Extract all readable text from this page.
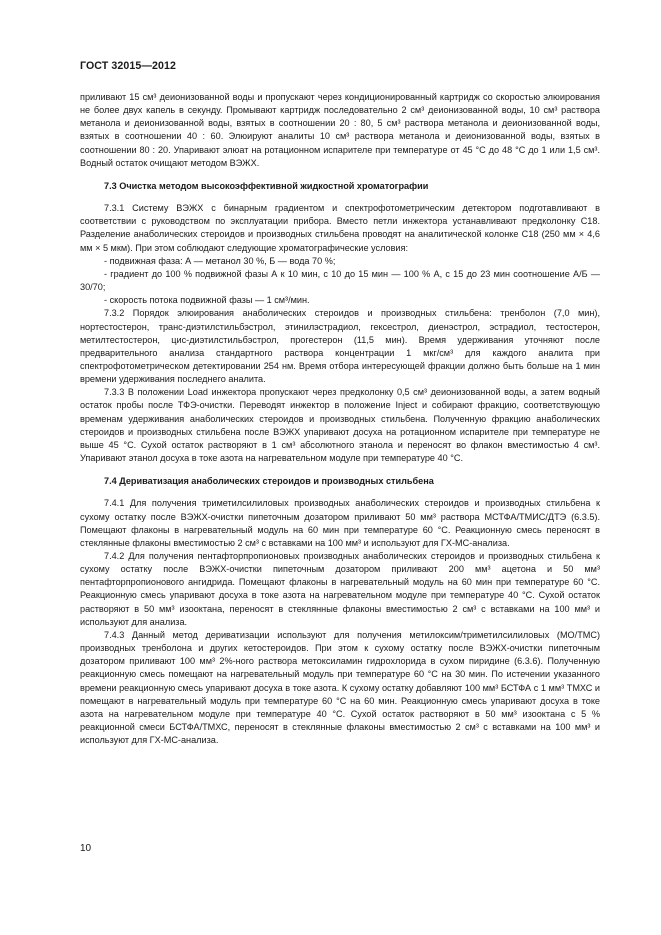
ГОСТ 32015—2012

приливают 15 см³ деионизованной воды и пропускают через кондиционированный картридж со скоростью элюирования не более двух капель в секунду. Промывают картридж последовательно 2 см³ деионизованной воды, 10 см³ раствора метанола и деионизованной воды, взятых в соотношении 20 : 80, 5 см³ раствора метанола и деионизованной воды, взятых в соотношении 40 : 60. Элюируют аналиты 10 см³ раствора метанола и деионизованной воды, взятых в соотношении 80 : 20. Упаривают элюат на ротационном испарителе при температуре от 45 °С до 48 °С до 1 или 1,5 см³. Водный остаток очищают методом ВЭЖХ.

7.3 Очистка методом высокоэффективной жидкостной хроматографии

7.3.1 Систему ВЭЖХ с бинарным градиентом и спектрофотометрическим детектором подготавливают в соответствии с руководством по эксплуатации прибора. Вместо петли инжектора устанавливают предколонку С18. Разделение анаболических стероидов и производных стильбена проводят на аналитической колонке С18 (250 мм × 4,6 мм × 5 мкм). При этом соблюдают следующие хроматографические условия:

- подвижная фаза: А — метанол 30 %, Б — вода 70 %;

- градиент до 100 % подвижной фазы А к 10 мин, с 10 до 15 мин — 100 % А, с 15 до 23 мин соотношение А/Б — 30/70;

- скорость потока подвижной фазы — 1 см³/мин.

7.3.2 Порядок элюирования анаболических стероидов и производных стильбена: тренболон (7,0 мин), нортестостерон, транс-диэтилстильбэстрол, этинилэстрадиол, гексестрол, диенэстрол, эстрадиол, тестостерон, метилтестостерон, цис-диэтилстильбэстрол, прогестерон (11,5 мин). Время удерживания уточняют после предварительного анализа стандартного раствора концентрации 1 мкг/см³ для каждого аналита при спектрофотометрическом детектировании 254 нм. Время отбора интересующей фракции должно быть больше на 1 мин времени удерживания последнего аналита.

7.3.3 В положении Load инжектора пропускают через предколонку 0,5 см³ деионизованной воды, а затем водный остаток пробы после ТФЭ-очистки. Переводят инжектор в положение Inject и собирают фракцию, соответствующую временам удерживания анаболических стероидов и производных стильбена. Полученную фракцию анаболических стероидов и производных стильбена после ВЭЖХ упаривают досуха на ротационном испарителе при температуре не выше 45 °С. Сухой остаток растворяют в 1 см³ абсолютного этанола и переносят во флакон вместимостью 4 см³. Упаривают этанол досуха в токе азота на нагревательном модуле при температуре 40 °С.

7.4 Дериватизация анаболических стероидов и производных стильбена

7.4.1 Для получения триметилсилиловых производных анаболических стероидов и производных стильбена к сухому остатку после ВЭЖХ-очистки пипеточным дозатором приливают 50 мм³ раствора МСТФА/ТМИС/ДТЭ (6.3.5). Помещают флаконы в нагревательный модуль на 60 мин при температуре 60 °С. Реакционную смесь переносят в стеклянные флаконы вместимостью 2 см³ с вставками на 100 мм³ и используют для ГХ-МС-анализа.

7.4.2 Для получения пентафторпропионовых производных анаболических стероидов и производных стильбена к сухому остатку после ВЭЖХ-очистки пипеточным дозатором приливают 200 мм³ ацетона и 50 мм³ пентафторпропионового ангидрида. Помещают флаконы в нагревательный модуль на 60 мин при температуре 60 °С. Реакционную смесь упаривают досуха в токе азота на нагревательном модуле при температуре 40 °С. Сухой остаток растворяют в 50 мм³ изооктана, переносят в стеклянные флаконы вместимостью 2 см³ с вставками на 100 мм³ и используют для анализа.

7.4.3 Данный метод дериватизации используют для получения метилоксим/триметилсилиловых (МО/ТМС) производных тренболона и других кетостероидов. При этом к сухому остатку после ВЭЖХ-очистки пипеточным дозатором приливают 100 мм³ 2%-ного раствора метоксиламин гидрохлорида в сухом пиридине (6.3.6). Полученную реакционную смесь помещают на нагревательный модуль при температуре 60 °С на 30 мин. По истечении указанного времени реакционную смесь упаривают досуха в токе азота. К сухому остатку добавляют 100 мм³ БСТФА с 1 мм³ ТМХС и помещают в нагревательный модуль при температуре 60 °С на 60 мин. Реакционную смесь упаривают досуха в токе азота на нагревательном модуле при температуре 40 °С. Сухой остаток растворяют в 50 мм³ изооктана с 5 % реакционной смеси БСТФА/ТМХС, переносят в стеклянные флаконы вместимостью 2 см³ с вставками на 100 мм³ и используют для ГХ-МС-анализа.

10
